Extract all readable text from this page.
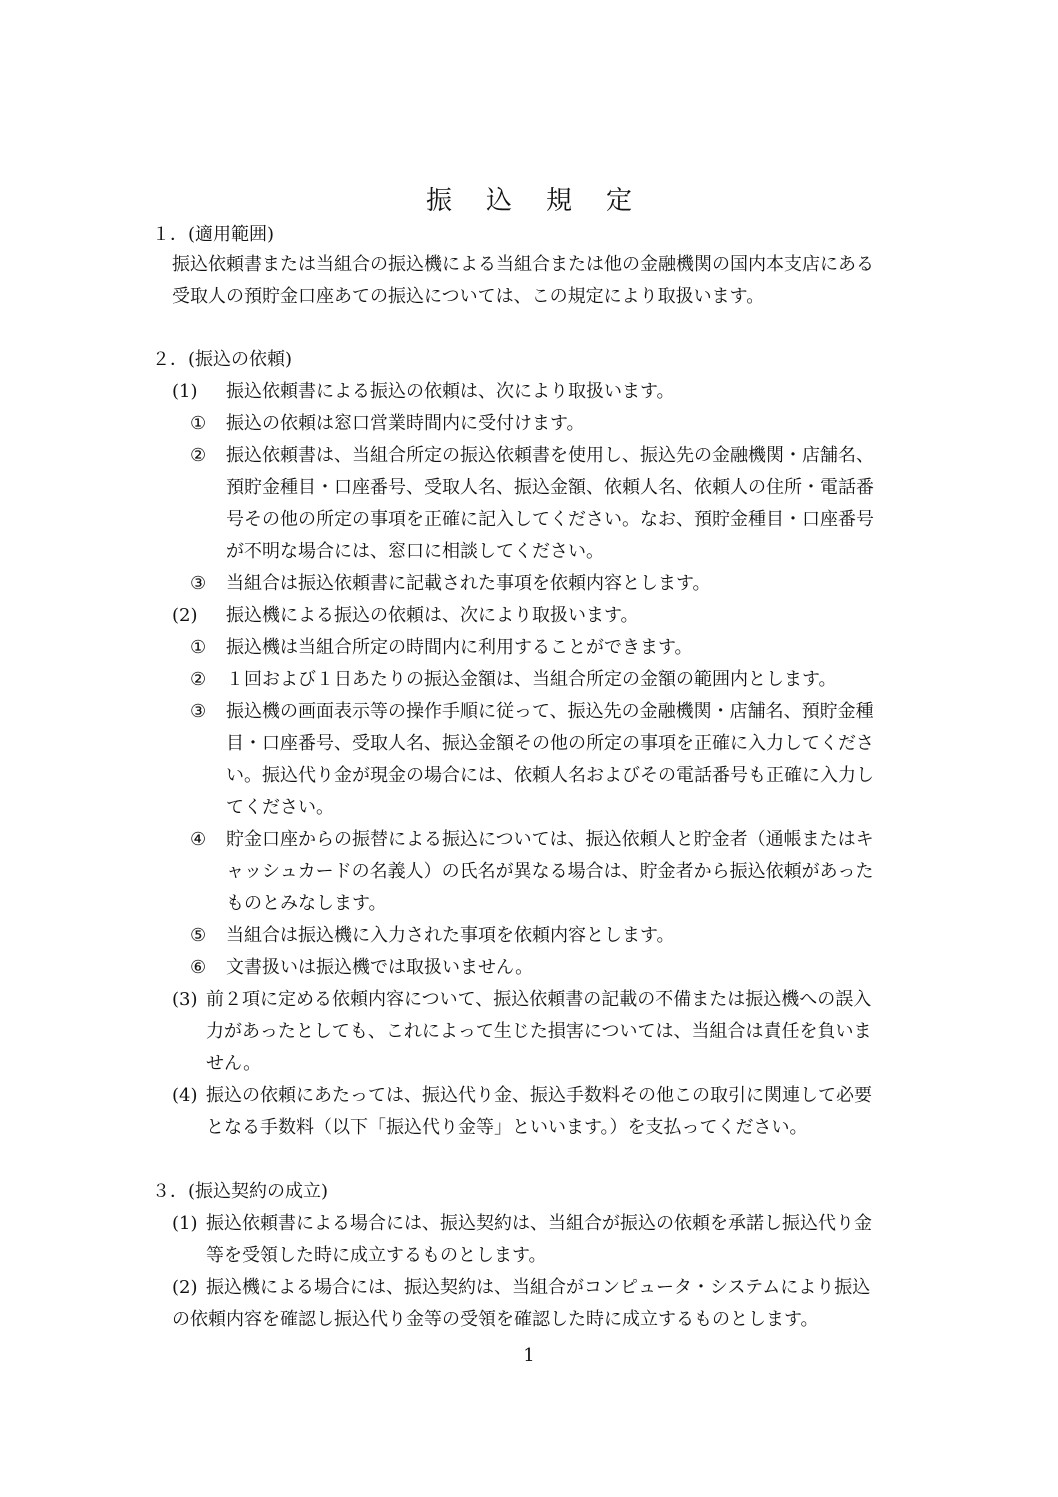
振込規定
１．(適用範囲)
振込依頼書または当組合の振込機による当組合または他の金融機関の国内本支店にある
受取人の預貯金口座あての振込については、この規定により取扱います。
２．(振込の依頼)
(1) 振込依頼書による振込の依頼は、次により取扱います。
① 振込の依頼は窓口営業時間内に受付けます。
② 振込依頼書は、当組合所定の振込依頼書を使用し、振込先の金融機関・店舗名、
預貯金種目・口座番号、受取人名、振込金額、依頼人名、依頼人の住所・電話番
号その他の所定の事項を正確に記入してください。なお、預貯金種目・口座番号
が不明な場合には、窓口に相談してください。
③ 当組合は振込依頼書に記載された事項を依頼内容とします。
(2) 振込機による振込の依頼は、次により取扱います。
① 振込機は当組合所定の時間内に利用することができます。
② １回および１日あたりの振込金額は、当組合所定の金額の範囲内とします。
③ 振込機の画面表示等の操作手順に従って、振込先の金融機関・店舗名、預貯金種
目・口座番号、受取人名、振込金額その他の所定の事項を正確に入力してくださ
い。振込代り金が現金の場合には、依頼人名およびその電話番号も正確に入力し
てください。
④ 貯金口座からの振替による振込については、振込依頼人と貯金者（通帳またはキ
ャッシュカードの名義人）の氏名が異なる場合は、貯金者から振込依頼があった
ものとみなします。
⑤ 当組合は振込機に入力された事項を依頼内容とします。
⑥ 文書扱いは振込機では取扱いません。
(3) 前２項に定める依頼内容について、振込依頼書の記載の不備または振込機への誤入
力があったとしても、これによって生じた損害については、当組合は責任を負いま
せん。
(4) 振込の依頼にあたっては、振込代り金、振込手数料その他この取引に関連して必要
となる手数料（以下「振込代り金等」といいます。）を支払ってください。
３．(振込契約の成立)
(1) 振込依頼書による場合には、振込契約は、当組合が振込の依頼を承諾し振込代り金
等を受領した時に成立するものとします。
(2) 振込機による場合には、振込契約は、当組合がコンピュータ・システムにより振込
の依頼内容を確認し振込代り金等の受領を確認した時に成立するものとします。
1
